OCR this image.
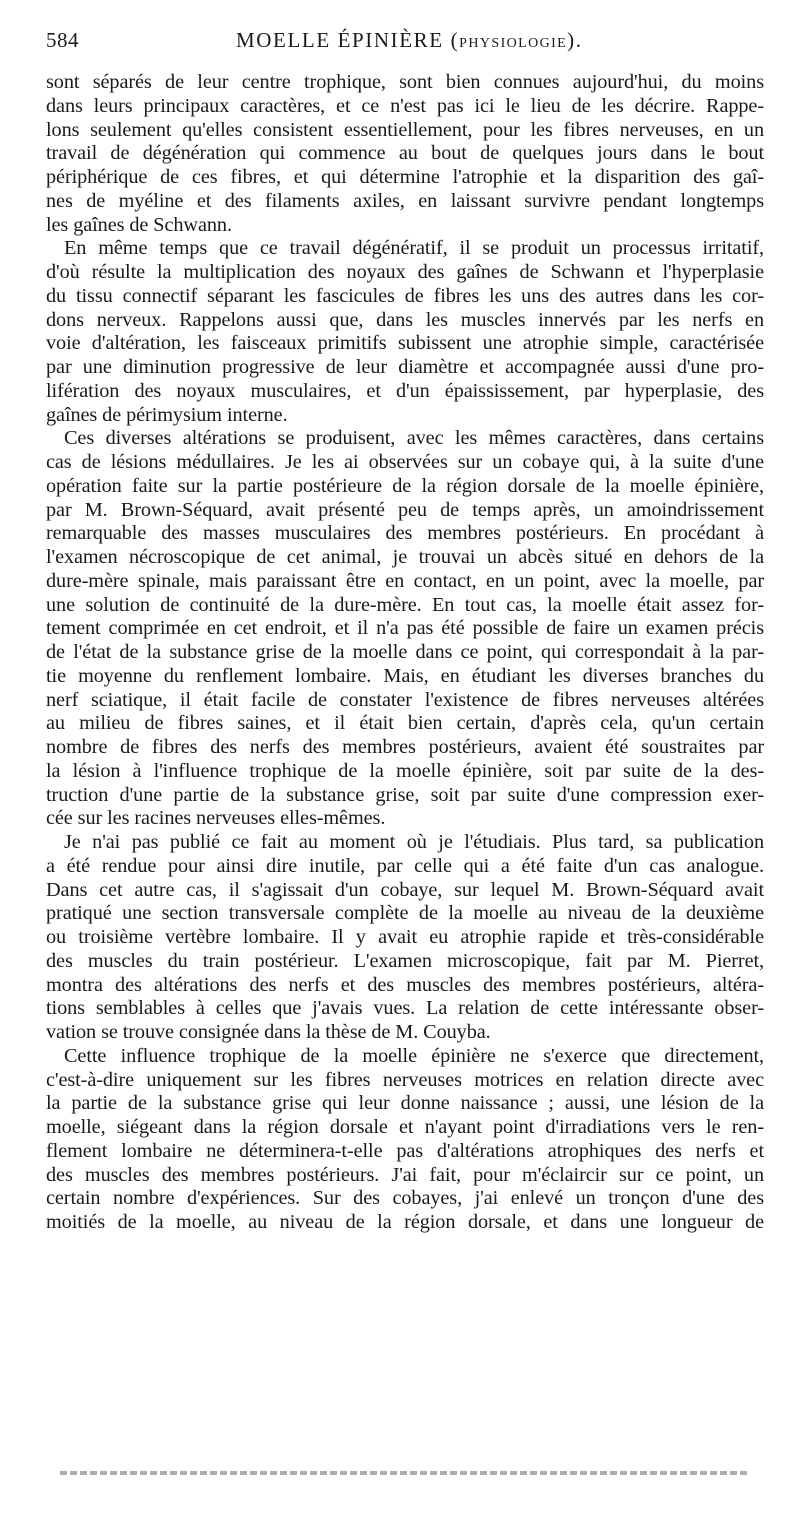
584	MOELLE ÉPINIÈRE (PHYSIOLOGIE).
sont séparés de leur centre trophique, sont bien connues aujourd'hui, du moins
dans leurs principaux caractères, et ce n'est pas ici le lieu de les décrire. Rappe-
lons seulement qu'elles consistent essentiellement, pour les fibres nerveuses, en un
travail de dégénération qui commence au bout de quelques jours dans le bout
périphérique de ces fibres, et qui détermine l'atrophie et la disparition des gaî-
nes de myéline et des filaments axiles, en laissant survivre pendant longtemps
les gaînes de Schwann.
En même temps que ce travail dégénératif, il se produit un processus irritatif,
d'où résulte la multiplication des noyaux des gaînes de Schwann et l'hyperplasie
du tissu connectif séparant les fascicules de fibres les uns des autres dans les cor-
dons nerveux. Rappelons aussi que, dans les muscles innervés par les nerfs en
voie d'altération, les faisceaux primitifs subissent une atrophie simple, caractérisée
par une diminution progressive de leur diamètre et accompagnée aussi d'une pro-
lifération des noyaux musculaires, et d'un épaississement, par hyperplasie, des
gaînes de périmysium interne.
Ces diverses altérations se produisent, avec les mêmes caractères, dans certains
cas de lésions médullaires. Je les ai observées sur un cobaye qui, à la suite d'une
opération faite sur la partie postérieure de la région dorsale de la moelle épinière,
par M. Brown-Séquard, avait présenté peu de temps après, un amoindrissement
remarquable des masses musculaires des membres postérieurs. En procédant à
l'examen nécroscopique de cet animal, je trouvai un abcès situé en dehors de la
dure-mère spinale, mais paraissant être en contact, en un point, avec la moelle, par
une solution de continuité de la dure-mère. En tout cas, la moelle était assez for-
tement comprimée en cet endroit, et il n'a pas été possible de faire un examen précis
de l'état de la substance grise de la moelle dans ce point, qui correspondait à la par-
tie moyenne du renflement lombaire. Mais, en étudiant les diverses branches du
nerf sciatique, il était facile de constater l'existence de fibres nerveuses altérées
au milieu de fibres saines, et il était bien certain, d'après cela, qu'un certain
nombre de fibres des nerfs des membres postérieurs, avaient été soustraites par
la lésion à l'influence trophique de la moelle épinière, soit par suite de la des-
truction d'une partie de la substance grise, soit par suite d'une compression exer-
cée sur les racines nerveuses elles-mêmes.
Je n'ai pas publié ce fait au moment où je l'étudiais. Plus tard, sa publication
a été rendue pour ainsi dire inutile, par celle qui a été faite d'un cas analogue.
Dans cet autre cas, il s'agissait d'un cobaye, sur lequel M. Brown-Séquard avait
pratiqué une section transversale complète de la moelle au niveau de la deuxième
ou troisième vertèbre lombaire. Il y avait eu atrophie rapide et très-considérable
des muscles du train postérieur. L'examen microscopique, fait par M. Pierret,
montra des altérations des nerfs et des muscles des membres postérieurs, altéra-
tions semblables à celles que j'avais vues. La relation de cette intéressante obser-
vation se trouve consignée dans la thèse de M. Couyba.
Cette influence trophique de la moelle épinière ne s'exerce que directement,
c'est-à-dire uniquement sur les fibres nerveuses motrices en relation directe avec
la partie de la substance grise qui leur donne naissance ; aussi, une lésion de la
moelle, siégeant dans la région dorsale et n'ayant point d'irradiations vers le ren-
flement lombaire ne déterminera-t-elle pas d'altérations atrophiques des nerfs et
des muscles des membres postérieurs. J'ai fait, pour m'éclaircir sur ce point, un
certain nombre d'expériences. Sur des cobayes, j'ai enlevé un tronçon d'une des
moitiés de la moelle, au niveau de la région dorsale, et dans une longueur de
